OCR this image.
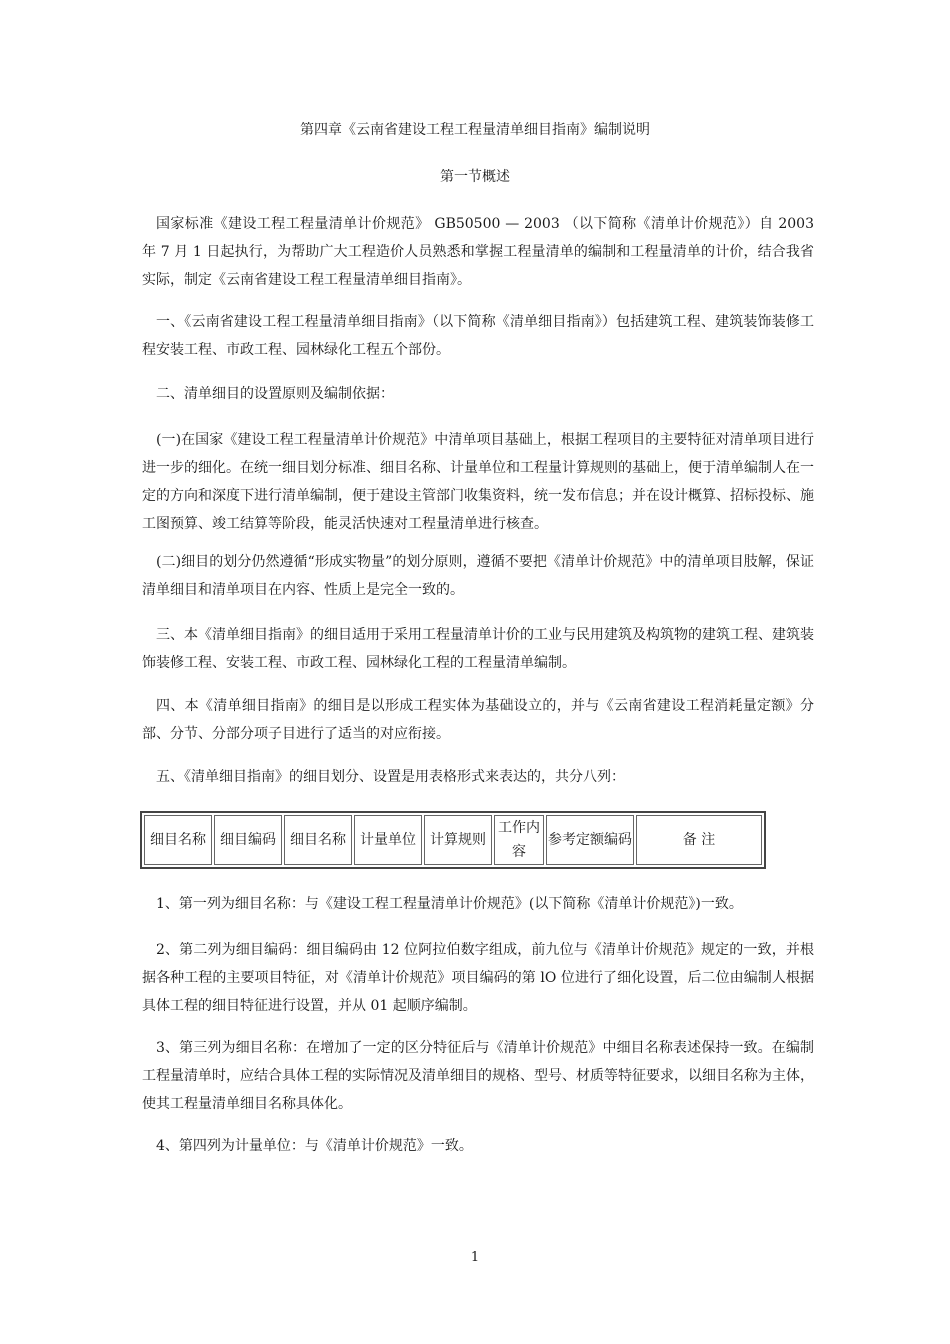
第四章《云南省建设工程工程量清单细目指南》编制说明
第一节概述
国家标准《建设工程工程量清单计价规范》 GB50500 — 2003 （以下简称《清单计价规范》）自 2003 年 7 月 1 日起执行，为帮助广大工程造价人员熟悉和掌握工程量清单的编制和工程量清单的计价，结合我省实际，制定《云南省建设工程工程量清单细目指南》。
一、《云南省建设工程工程量清单细目指南》（以下简称《清单细目指南》）包括建筑工程、建筑装饰装修工程安装工程、市政工程、园林绿化工程五个部份。
二、清单细目的设置原则及编制依据：
(一)在国家《建设工程工程量清单计价规范》中清单项目基础上，根据工程项目的主要特征对清单项目进行进一步的细化。在统一细目划分标准、细目名称、计量单位和工程量计算规则的基础上，便于清单编制人在一定的方向和深度下进行清单编制，便于建设主管部门收集资料，统一发布信息；并在设计概算、招标投标、施工图预算、竣工结算等阶段，能灵活快速对工程量清单进行核查。
(二)细目的划分仍然遵循“形成实物量”的划分原则，遵循不要把《清单计价规范》中的清单项目肢解，保证清单细目和清单项目在内容、性质上是完全一致的。
三、本《清单细目指南》的细目适用于采用工程量清单计价的工业与民用建筑及构筑物的建筑工程、建筑装饰装修工程、安装工程、市政工程、园林绿化工程的工程量清单编制。
四、本《清单细目指南》的细目是以形成工程实体为基础设立的，并与《云南省建设工程消耗量定额》分部、分节、分部分项子目进行了适当的对应衔接。
五、《清单细目指南》的细目划分、设置是用表格形式来表达的，共分八列：
细目名称	细目编码	细目名称	计量单位	计算规则	工作内容	参考定额编码	备 注
1、第一列为细目名称：与《建设工程工程量清单计价规范》(以下简称《清单计价规范》)一致。
2、第二列为细目编码：细目编码由 12 位阿拉伯数字组成，前九位与《清单计价规范》规定的一致，并根据各种工程的主要项目特征，对《清单计价规范》项目编码的第 lO 位进行了细化设置，后二位由编制人根据具体工程的细目特征进行设置，并从 01 起顺序编制。
3、第三列为细目名称：在增加了一定的区分特征后与《清单计价规范》中细目名称表述保持一致。在编制工程量清单时，应结合具体工程的实际情况及清单细目的规格、型号、材质等特征要求，以细目名称为主体，使其工程量清单细目名称具体化。
4、第四列为计量单位：与《清单计价规范》一致。
1
